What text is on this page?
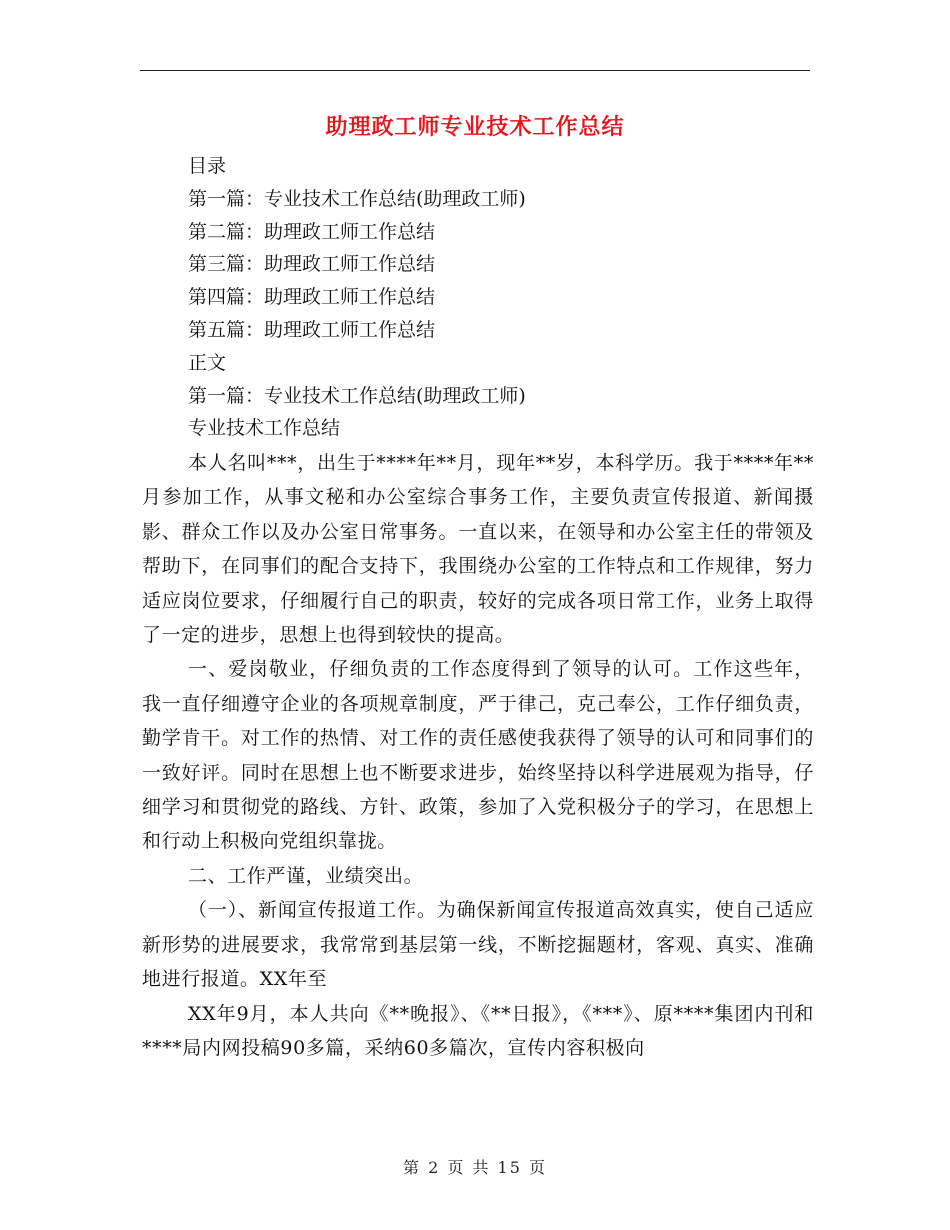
助理政工师专业技术工作总结
目录
第一篇：专业技术工作总结(助理政工师)
第二篇：助理政工师工作总结
第三篇：助理政工师工作总结
第四篇：助理政工师工作总结
第五篇：助理政工师工作总结
正文
第一篇：专业技术工作总结(助理政工师)
专业技术工作总结

本人名叫***，出生于****年**月，现年**岁，本科学历。我于****年**月参加工作，从事文秘和办公室综合事务工作，主要负责宣传报道、新闻摄影、群众工作以及办公室日常事务。一直以来，在领导和办公室主任的带领及帮助下，在同事们的配合支持下，我围绕办公室的工作特点和工作规律，努力适应岗位要求，仔细履行自己的职责，较好的完成各项日常工作，业务上取得了一定的进步，思想上也得到较快的提高。

一、爱岗敬业，仔细负责的工作态度得到了领导的认可。工作这些年，我一直仔细遵守企业的各项规章制度，严于律己，克己奉公，工作仔细负责，勤学肯干。对工作的热情、对工作的责任感使我获得了领导的认可和同事们的一致好评。同时在思想上也不断要求进步，始终坚持以科学进展观为指导，仔细学习和贯彻党的路线、方针、政策，参加了入党积极分子的学习，在思想上和行动上积极向党组织靠拢。

二、工作严谨，业绩突出。

（一）、新闻宣传报道工作。为确保新闻宣传报道高效真实，使自己适应新形势的进展要求，我常常到基层第一线，不断挖掘题材，客观、真实、准确地进行报道。XX年至

XX年9月，本人共向《**晚报》、《**日报》，《***》、原****集团内刊和****局内网投稿90多篇，采纳60多篇次，宣传内容积极向

第 2 页 共 15 页
